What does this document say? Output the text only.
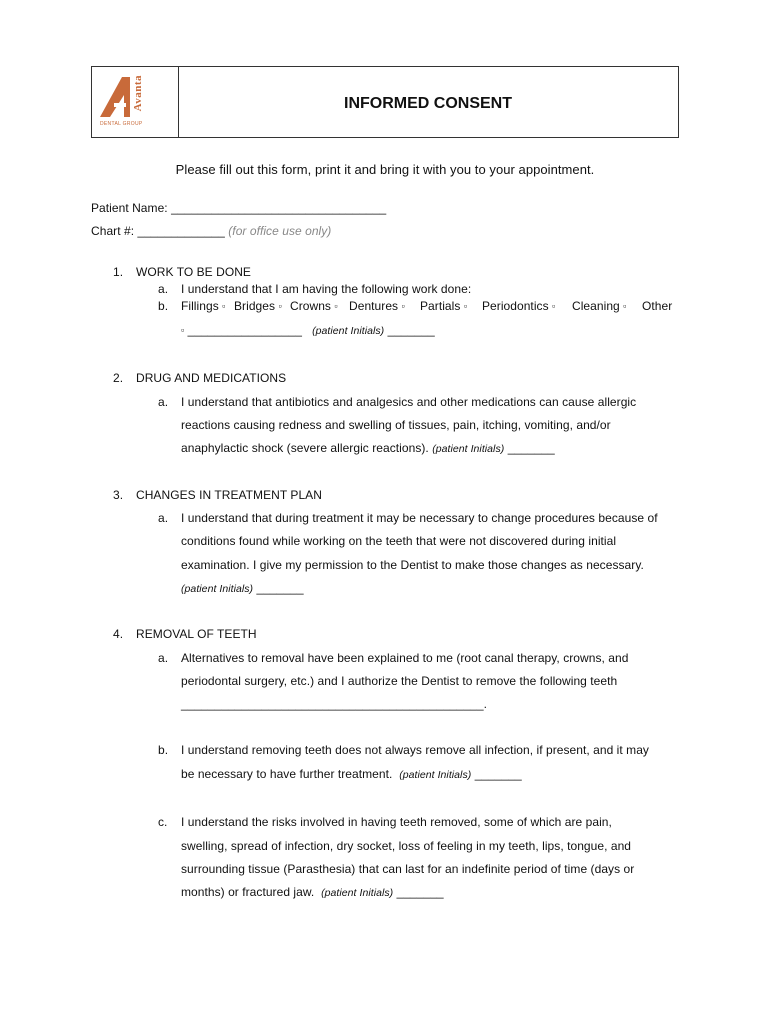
Avanta
DENTAL GROUP
INFORMED CONSENT
Please fill out this form, print it and bring it with you to your appointment.
Patient Name: ________________________________
Chart #: _____________ (for office use only)
1. WORK TO BE DONE
a. I understand that I am having the following work done:
b. Fillings ▫ Bridges ▫ Crowns ▫ Dentures ▫ Partials ▫ Periodontics ▫ Cleaning ▫ Other
▫ _________________ (patient Initials) _______
2. DRUG AND MEDICATIONS
a. I understand that antibiotics and analgesics and other medications can cause allergic
reactions causing redness and swelling of tissues, pain, itching, vomiting, and/or
anaphylactic shock (severe allergic reactions). (patient Initials) _______
3. CHANGES IN TREATMENT PLAN
a. I understand that during treatment it may be necessary to change procedures because of
conditions found while working on the teeth that were not discovered during initial
examination. I give my permission to the Dentist to make those changes as necessary.
(patient Initials) _______
4. REMOVAL OF TEETH
a. Alternatives to removal have been explained to me (root canal therapy, crowns, and
periodontal surgery, etc.) and I authorize the Dentist to remove the following teeth
_____________________________________________.
b. I understand removing teeth does not always remove all infection, if present, and it may
be necessary to have further treatment. (patient Initials) _______
c. I understand the risks involved in having teeth removed, some of which are pain,
swelling, spread of infection, dry socket, loss of feeling in my teeth, lips, tongue, and
surrounding tissue (Parasthesia) that can last for an indefinite period of time (days or
months) or fractured jaw. (patient Initials) _______
